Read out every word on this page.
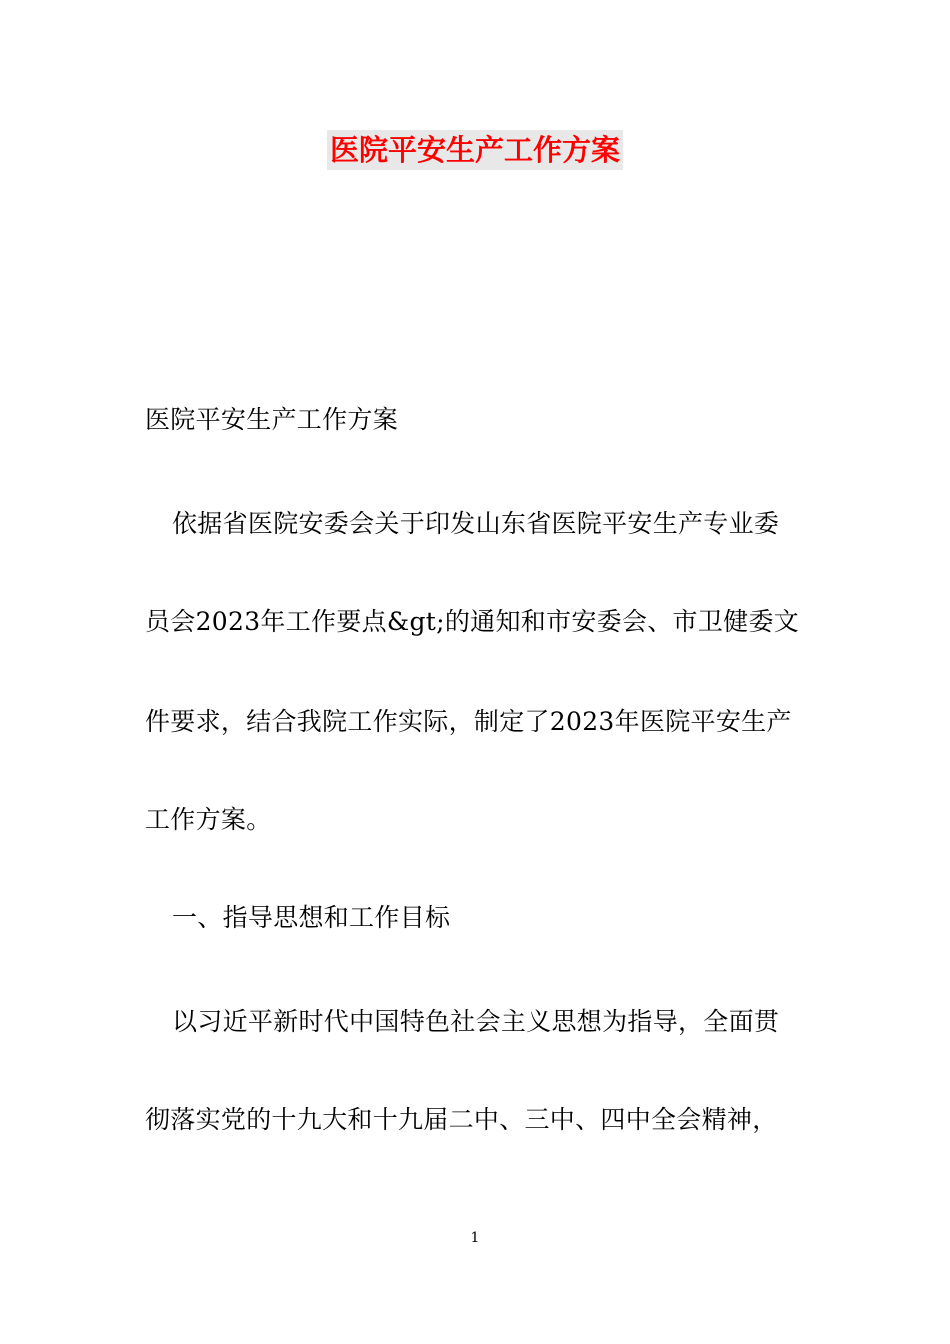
医院平安生产工作方案
医院平安生产工作方案
依据省医院安委会关于印发山东省医院平安生产专业委
员会2023年工作要点&gt;的通知和市安委会、市卫健委文
件要求，结合我院工作实际，制定了2023年医院平安生产
工作方案。
一、指导思想和工作目标
以习近平新时代中国特色社会主义思想为指导，全面贯
彻落实党的十九大和十九届二中、三中、四中全会精神，
1
